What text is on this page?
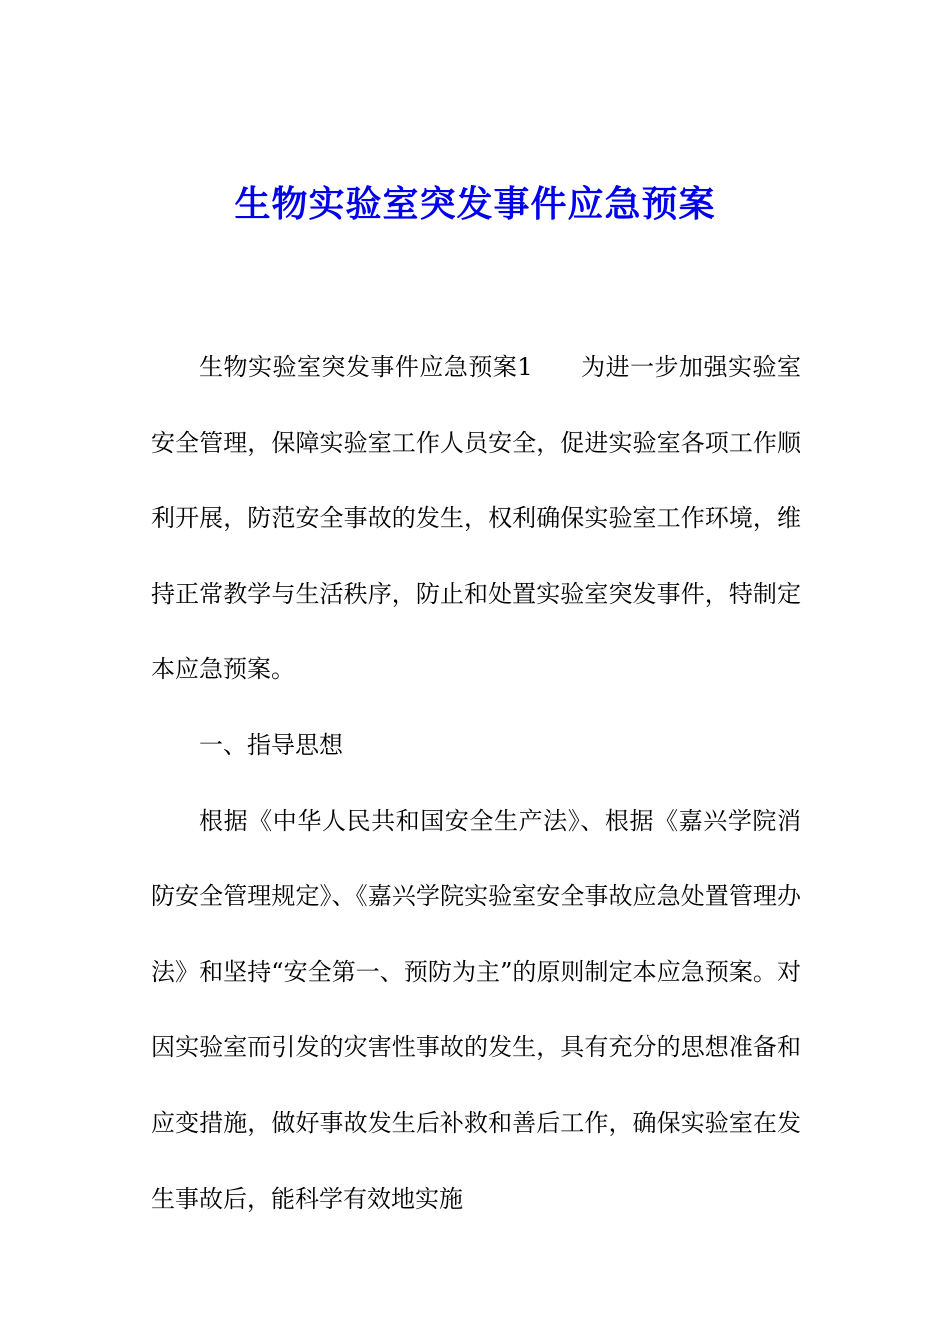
生物实验室突发事件应急预案

生物实验室突发事件应急预案1 为进一步加强实验室安全管理，保障实验室工作人员安全，促进实验室各项工作顺利开展，防范安全事故的发生，权利确保实验室工作环境，维持正常教学与生活秩序，防止和处置实验室突发事件，特制定本应急预案。

一、指导思想

根据《中华人民共和国安全生产法》、根据《嘉兴学院消防安全管理规定》、《嘉兴学院实验室安全事故应急处置管理办法》和坚持“安全第一、预防为主”的原则制定本应急预案。对因实验室而引发的灾害性事故的发生，具有充分的思想准备和应变措施，做好事故发生后补救和善后工作，确保实验室在发生事故后，能科学有效地实施
